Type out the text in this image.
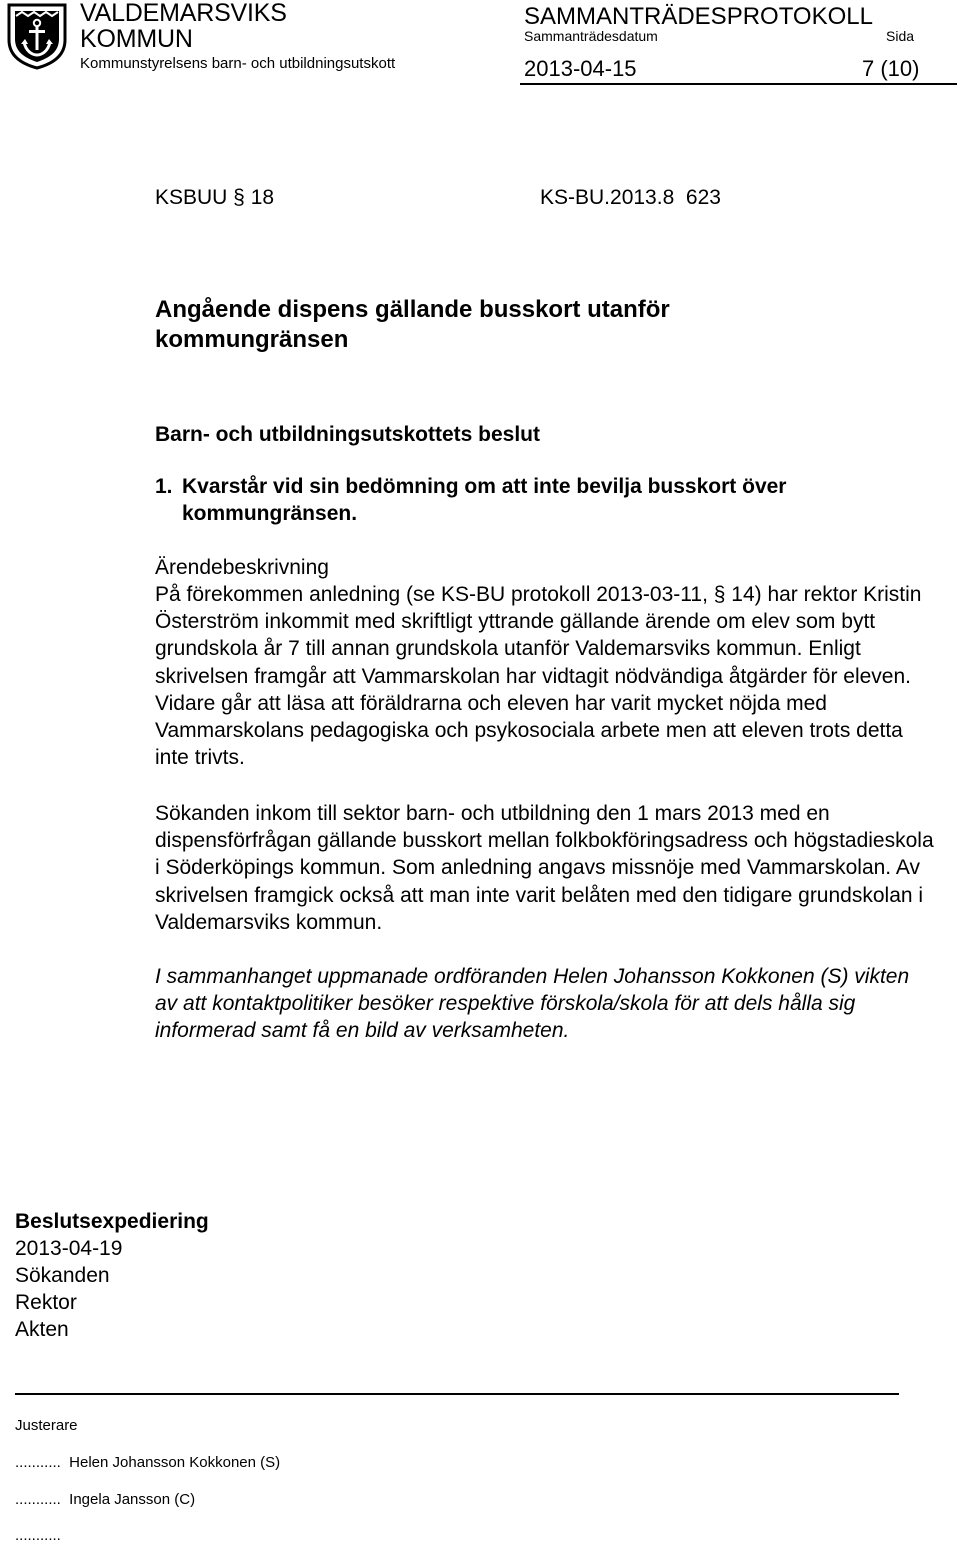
VALDEMARSVIKS
KOMMUN
Kommunstyrelsens barn- och utbildningsutskott
SAMMANTRÄDESPROTOKOLL
Sammanträdesdatum	Sida
2013-04-15	7 (10)
KSBUU § 18	KS-BU.2013.8  623
Angående dispens gällande busskort utanför
kommungränsen
Barn- och utbildningsutskottets beslut
1. Kvarstår vid sin bedömning om att inte bevilja busskort över kommungränsen.
Ärendebeskrivning
På förekommen anledning (se KS-BU protokoll 2013-03-11, § 14) har rektor Kristin Österström inkommit med skriftligt yttrande gällande ärende om elev som bytt grundskola år 7 till annan grundskola utanför Valdemarsviks kommun. Enligt skrivelsen framgår att Vammarskolan har vidtagit nödvändiga åtgärder för eleven. Vidare går att läsa att föräldrarna och eleven har varit mycket nöjda med Vammarskolans pedagogiska och psykosociala arbete men att eleven trots detta inte trivts.
Sökanden inkom till sektor barn- och utbildning den 1 mars 2013 med en dispensförfrågan gällande busskort mellan folkbokföringsadress och högstadieskola i Söderköpings kommun. Som anledning angavs missnöje med Vammarskolan. Av skrivelsen framgick också att man inte varit belåten med den tidigare grundskolan i Valdemarsviks kommun.
I sammanhanget uppmanade ordföranden Helen Johansson Kokkonen (S) vikten av att kontaktpolitiker besöker respektive förskola/skola för att dels hålla sig informerad samt få en bild av verksamheten.
Beslutsexpediering
2013-04-19
Sökanden
Rektor
Akten
Justerare
...........  Helen Johansson Kokkonen (S)
...........  Ingela Jansson (C)
...........
